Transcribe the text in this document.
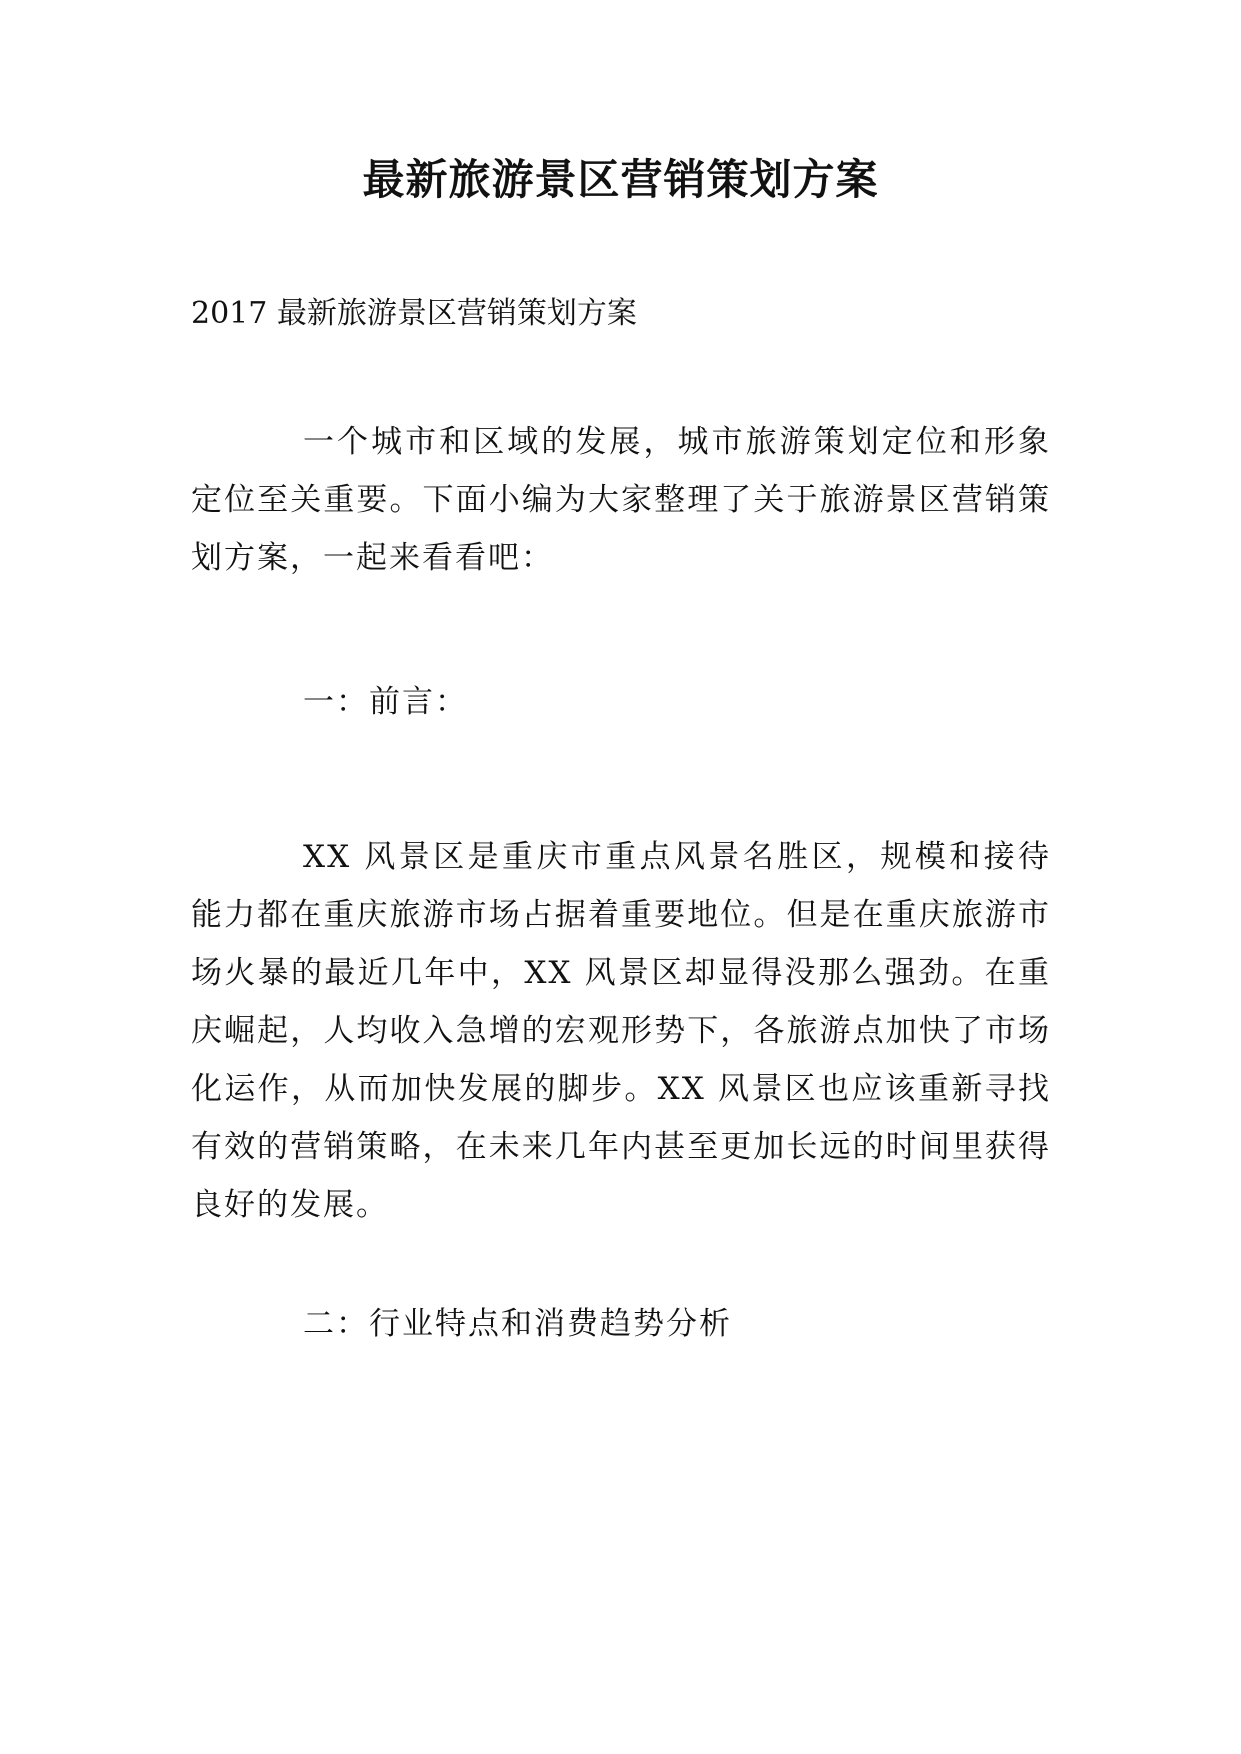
最新旅游景区营销策划方案

2017 最新旅游景区营销策划方案

一个城市和区域的发展，城市旅游策划定位和形象定位至关重要。下面小编为大家整理了关于旅游景区营销策划方案，一起来看看吧：

一：前言：

XX 风景区是重庆市重点风景名胜区，规模和接待能力都在重庆旅游市场占据着重要地位。但是在重庆旅游市场火暴的最近几年中，XX 风景区却显得没那么强劲。在重庆崛起，人均收入急增的宏观形势下，各旅游点加快了市场化运作，从而加快发展的脚步。XX 风景区也应该重新寻找有效的营销策略，在未来几年内甚至更加长远的时间里获得良好的发展。

二：行业特点和消费趋势分析
